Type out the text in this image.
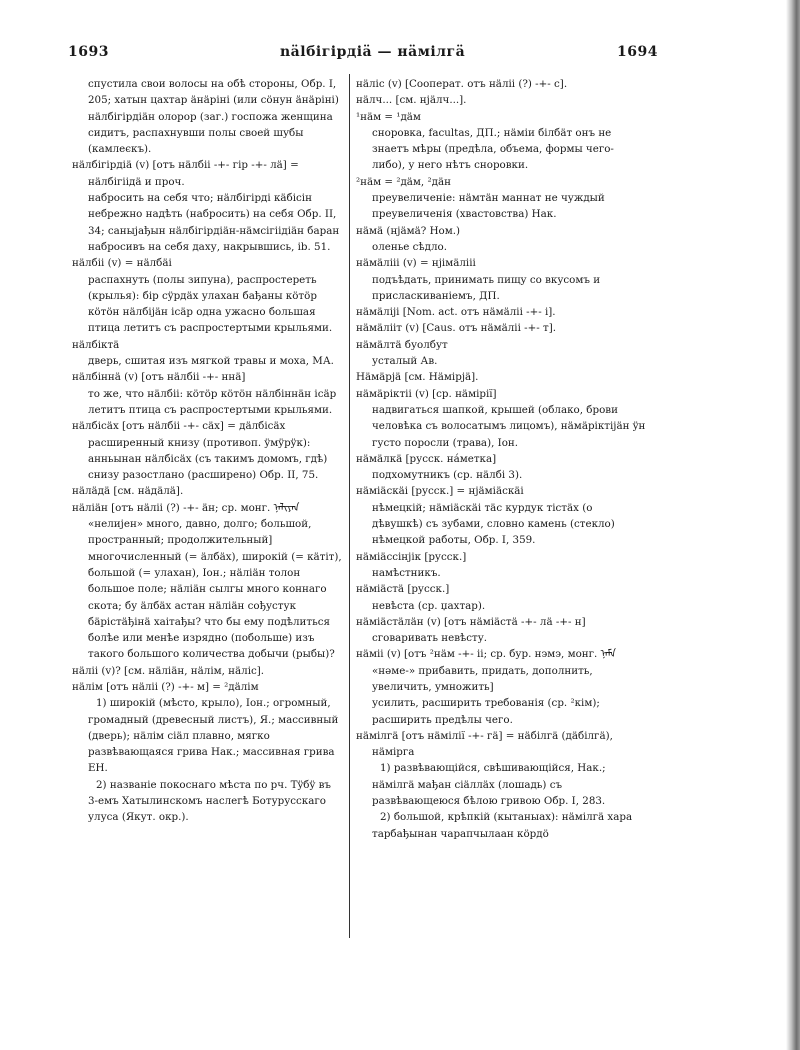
1693	nälбігірдіä — нäмілгä	1694
спустила свои волосы на обѣ стороны, Обр. I, 205; хатын цахтар äнäріні (или сöнун äнäріні) нäлбігірдіäн олорор (заг.) госпожа женщина сидитъ, распахнувши полы своей шубы (камлеєкъ).
нäлбігірдіä (v) [отъ нäлбіі -+- гір -+- лä] = нäлбігіідä и проч.
набросить на себя что; нäлбігірді кäбісін небрежно надѣть (набросить) на себя Обр. II, 34; саныјађын нäлбігірдіäн-нäмсігіідiäн баран набросивъ на себя даху, накрывшись, ib. 51.
нäлбіі (v) = нäлбäі
распахнуть (полы зипуна), распростереть (крылья): бір сÿрдäх улахан бађаны кöтöр кöтöн нäлбіјäн ісäр одна ужасно большая птица летитъ съ распростертыми крыльями.
нäлбіктä
дверь, сшитая изъ мягкой травы и моха, МА.
нäлбіннä (v) [отъ нäлбіі -+- ннä]
то же, что нäлбіі: кöтöр кöтöн нäлбіннäн ісäр летитъ птица съ распростертыми крыльями.
нäлбісäх [отъ нäлбіі -+- сäх] = дäлбісäх
расширенный книзу (противоп. ÿмÿрÿк): анньынан нäлбісäх (съ такимъ домомъ, гдѣ) снизу разостлано (расширено) Обр. II, 75.
нäлäдä [см. нäдäлä].
нäліäн [отъ нäліі (?) -+- äн; ср. монг. ᠨᠡᠯᠢᠶᠡᠨ «нелијен» много, давно, долго; большой, пространный; продолжительный]
многочисленный (= äлбäх), широкій (= кäтіт), большой (= улахан), Іон.; нäліäн толон большое поле; нäліäн сылгы много коннаго скота; бу äлбäх астан нäліäн сођустук бäрістäђінä хаітађы? что бы ему подѣлиться болѣе или менѣе изрядно (побольше) изъ такого большого количества добычи (рыбы)?
нäліі (v)? [см. нäліäн, нäлім, нäліс].
нäлім [отъ нäліі (?) -+- м] = ²дäлім
1) широкій (мѣсто, крыло), Іон.; огромный, громадный (древесный листъ), Я.; массивный (дверь); нäлім сіäл плавно, мягко развѣвающаяся грива Нак.; массивная грива ЕН.
2) названіе покоснаго мѣста по рч. Тÿбÿ въ 3-емъ Хатылинскомъ наслегѣ Ботурусскаго улуса (Якут. окр.).
нäліс (v) [Сооперат. отъ нäліі (?) -+- с].
нäлч... [см. нјäлч...].
¹нäм = ¹дäм
сноровка, facultas, ДП.; нäміи білбäт онъ не знаетъ мѣры (предѣла, объема, формы чего-либо), у него нѣтъ сноровки.
²нäм = ²дäм, ²дäн
преувеличеніе: нäмтäн маннат не чуждый преувеличенія (хвастовства) Нак.
нäмä (нјäмä? Ном.)
оленье сѣдло.
нäмäлііі (v) = нјімäлііі
подъѣдать, принимать пищу со вкусомъ и присласкиваніемъ, ДП.
нäмäліјі [Nom. act. отъ нäмäліі -+- і].
нäмäлііт (v) [Caus. отъ нäмäліі -+- т].
нäмäлтä буолбут
усталый Ав.
Нäмäрјä [см. Нäмірјä].
нäмäріктіі (v) [ср. нäмірії]
надвигаться шапкой, крышей (облако, брови человѣка съ волосатымъ лицомъ), нäмäріктіјäн ÿн густо поросли (трава), Іон.
нäмäлкä [русск. нáметка]
подхомутникъ (ср. нäлбі 3).
нäміäскäі [русск.] = нјäміäскäі
нѣмецкій; нäміäскäі тäс курдук тістäх (о дѣвушкѣ) съ зубами, словно камень (стекло) нѣмецкой работы, Обр. I, 359.
нäміäссінјік [русск.]
намѣстникъ.
нäміäстä [русск.]
невѣста (ср. џахтар).
нäміäстäлäн (v) [отъ нäміäстä -+- лä -+- н]
сговаривать невѣсту.
нäміі (v) [отъ ²нäм -+- іі; ср. бур. нэмэ, монг. ᠨᠡᠮᠡ «нәме-» прибавить, придать, дополнить, увеличить, умножить]
усилить, расширить требованія (ср. ²кім); расширить предѣлы чего.
нäмілгä [отъ нäмілії -+- гä] = нäбілгä (дäбілгä), нäмірга
1) развѣвающійся, свѣшивающійся, Нак.; нäмілгä мађан сіäллäх (лошадь) съ развѣвающеюся бѣлою гривою Обр. I, 283.
2) большой, крѣпкій (кытаныах): нäмілгä хара тарбађынан чарапчылаан кöрдö
